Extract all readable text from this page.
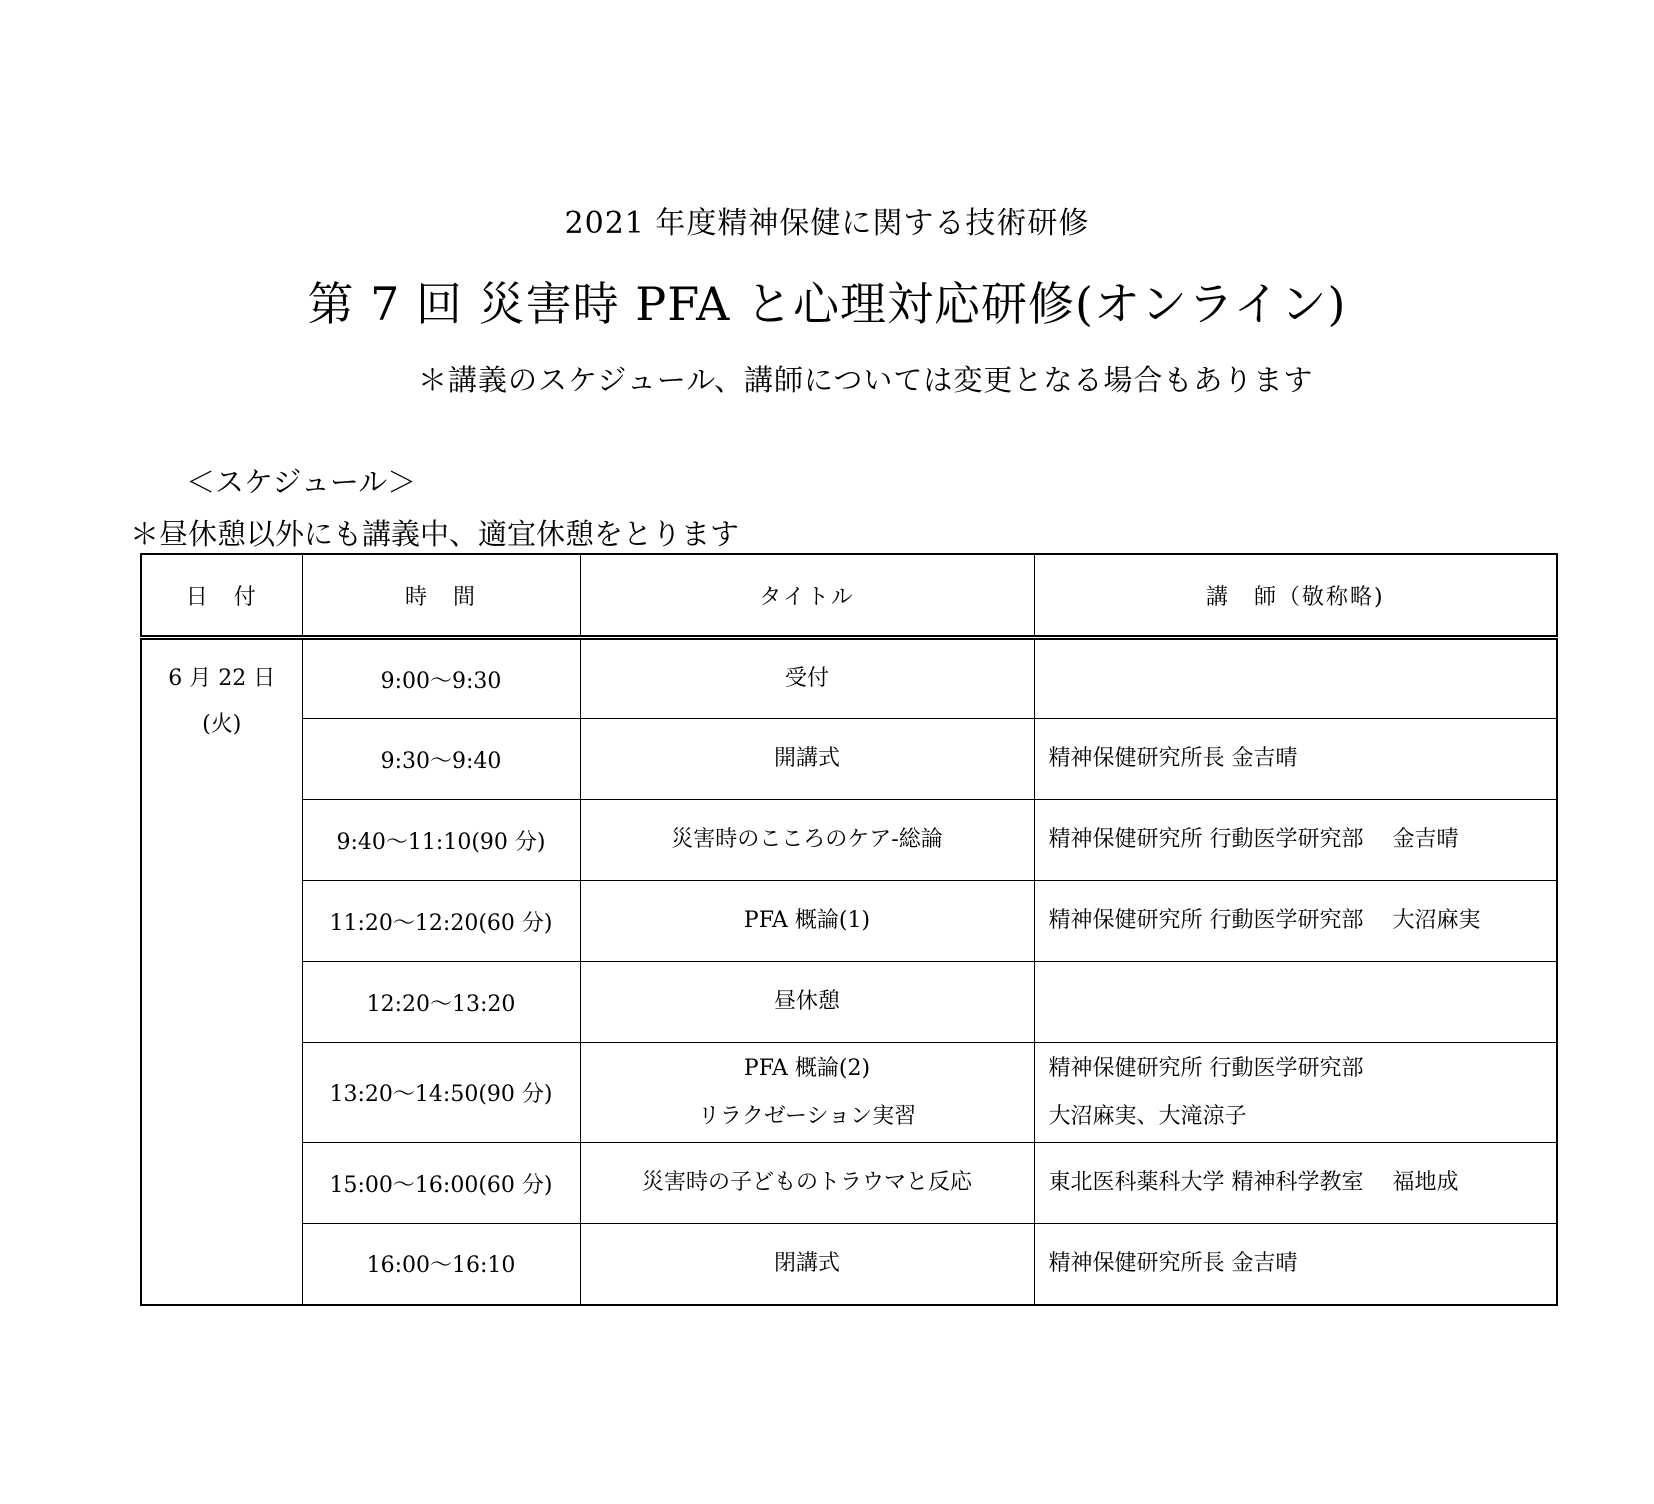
2021 年度精神保健に関する技術研修
第 7 回 災害時 PFA と心理対応研修(オンライン)
＊講義のスケジュール、講師については変更となる場合もあります
＜スケジュール＞
＊昼休憩以外にも講義中、適宜休憩をとります
日　付	時　間	タイトル	講　師（敬称略)

6 月 22 日
(火)	9:00〜9:30	受付	
	9:30〜9:40	開講式	精神保健研究所長 金吉晴
	9:40〜11:10(90 分)	災害時のこころのケア-総論	精神保健研究所 行動医学研究部　 金吉晴
	11:20〜12:20(60 分)	PFA 概論(1)	精神保健研究所 行動医学研究部　 大沼麻実
	12:20〜13:20	昼休憩	
	13:20〜14:50(90 分)	PFA 概論(2)
リラクゼーション実習	精神保健研究所 行動医学研究部
大沼麻実、大滝涼子

	15:00〜16:00(60 分)	災害時の子どものトラウマと反応	東北医科薬科大学 精神科学教室　 福地成
	16:00〜16:10	閉講式	精神保健研究所長 金吉晴
